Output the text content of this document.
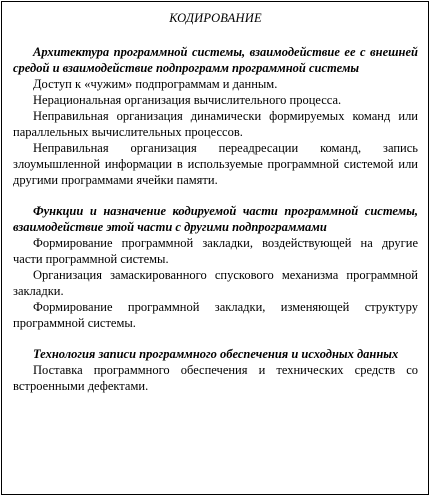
КОДИРОВАНИЕ

Архитектура программной системы, взаимодействие ее с внешней средой и взаимодействие подпрограмм программной системы

Доступ к «чужим» подпрограммам и данным.

Нерациональная организация вычислительного процесса.

Неправильная организация динамически формируемых команд или параллельных вычислительных процессов.

Неправильная организация переадресации команд, запись злоумышленной информации в используемые программной системой или другими программами ячейки памяти.

Функции и назначение кодируемой части программной системы, взаимодействие этой части с другими подпрограммами

Формирование программной закладки, воздействующей на другие части программной системы.

Организация замаскированного спускового механизма программной закладки.

Формирование программной закладки, изменяющей структуру программной системы.

Технология записи программного обеспечения и исходных данных

Поставка программного обеспечения и технических средств со встроенными дефектами.
